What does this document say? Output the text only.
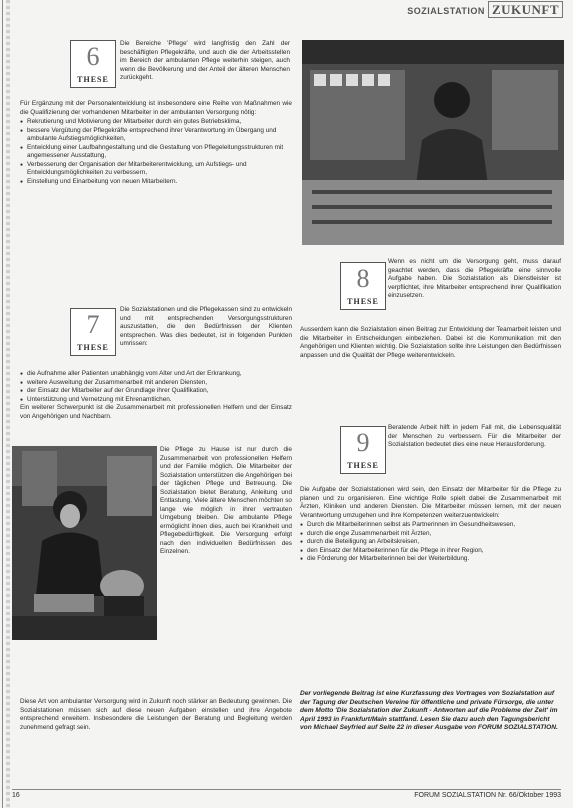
SOZIALSTATION ZUKUNFT
6
THESE

Die Bereiche 'Pflege' wird langfristig den Zahl der beschäftigten Pflegekräfte, und auch die der Arbeitsstellen im Bereich der ambulanten Pflege weiterhin steigen, auch wenn die Bevölkerung und der Anteil der älteren Menschen zurückgeht.

Für Ergänzung mit der Personalentwicklung ist insbesondere eine Reihe von Maßnahmen wie die Qualifizierung der vorhandenen Mitarbeiter in der ambulanten Versorgung nötig:

● Rekrutierung und Motivierung der Mitarbeiter durch ein gutes Betriebsklima,
● bessere Vergütung der Pflegekräfte entsprechend ihrer Verantwortung im Übergang und ambulante Aufstiegsmöglichkeiten,
● Entwicklung einer Laufbahngestaltung und die Gestaltung von Pflegeleitungsstrukturen mit angemessener Ausstattung,
● Verbesserung der Organisation der Mitarbeiterentwicklung, um Aufstiegs- und Entwicklungsmöglichkeiten zu verbessern,
● Einstellung und Einarbeitung von neuen Mitarbeitern.
7
THESE

Die Sozialstationen und die Pflegekassen sind zu entwickeln und mit entsprechenden Versorgungsstrukturen auszustatten, die den Bedürfnissen der Klienten entsprechen. Was dies bedeutet, ist in folgenden Punkten umrissen:

● die Aufnahme aller Patienten unabhängig vom Alter und Art der Erkrankung,
● weitere Ausweitung der Zusammenarbeit mit anderen Diensten,
● der Einsatz der Mitarbeiter auf der Grundlage ihrer Qualifikation,
● Unterstützung und Vernetzung mit Ehrenamtlichen.

Ein weiterer Schwerpunkt ist die Zusammenarbeit mit professionellen Helfern und der Einsatz von Angehörigen und Nachbarn.

Die Pflege zu Hause ist nur durch die Zusammenarbeit von professionellen Helfern und der Familie möglich. Die Mitarbeiter der Sozialstation unterstützen die Angehörigen bei der täglichen Pflege und Betreuung. Die Sozialstation bietet Beratung, Anleitung und Entlastung. Viele ältere Menschen möchten so lange wie möglich in ihrer vertrauten Umgebung bleiben. Die ambulante Pflege ermöglicht ihnen dies, auch bei Krankheit und Pflegebedürftigkeit. Die Versorgung erfolgt nach den individuellen Bedürfnissen des Einzelnen.

Diese Art von ambulanter Versorgung wird in Zukunft noch stärker an Bedeutung gewinnen. Die Sozialstationen müssen sich auf diese neuen Aufgaben einstellen und ihre Angebote entsprechend erweitern. Insbesondere die Leistungen der Beratung und Begleitung werden zunehmend gefragt sein.

8
THESE

Wenn es nicht um die Versorgung geht, muss darauf geachtet werden, dass die Pflegekräfte eine sinnvolle Aufgabe haben. Die Sozialstation als Dienstleister ist verpflichtet, ihre Mitarbeiter entsprechend ihrer Qualifikation einzusetzen.

Ausserdem kann die Sozialstation einen Beitrag zur Entwicklung der Teamarbeit leisten und die Mitarbeiter in Entscheidungen einbeziehen. Dabei ist die Kommunikation mit den Angehörigen und Klienten wichtig. Die Sozialstation sollte ihre Leistungen den Bedürfnissen anpassen und die Qualität der Pflege weiterentwickeln.

9
THESE

Beratende Arbeit hilft in jedem Fall mit, die Lebensqualität der Menschen zu verbessern. Für die Mitarbeiter der Sozialstation bedeutet dies eine neue Herausforderung.

Die Aufgabe der Sozialstationen wird sein, den Einsatz der Mitarbeiter für die Pflege zu planen und zu organisieren. Eine wichtige Rolle spielt dabei die Zusammenarbeit mit Ärzten, Kliniken und anderen Diensten. Die Mitarbeiter müssen lernen, mit der neuen Verantwortung umzugehen und ihre Kompetenzen weiterzuentwickeln:

● Durch die Mitarbeiterinnen selbst als Partnerinnen im Gesundheitswesen,
● durch die enge Zusammenarbeit mit Ärzten,
● durch die Beteiligung an Arbeitskreisen,
● den Einsatz der Mitarbeiterinnen für die Pflege in ihrer Region,
● die Förderung der Mitarbeiterinnen bei der Weiterbildung.
Der vorliegende Beitrag ist eine Kurzfassung des Vortrages von Sozialstation auf der Tagung der Deutschen Vereine für öffentliche und private Fürsorge, die unter dem Motto 'Die Sozialstation der Zukunft - Antworten auf die Probleme der Zeit' im April 1993 in Frankfurt/Main stattfand. Lesen Sie dazu auch den Tagungsbericht von Michael Seyfried auf Seite 22 in dieser Ausgabe von FORUM SOZIALSTATION.
16	FORUM SOZIALSTATION Nr. 66/Oktober 1993
